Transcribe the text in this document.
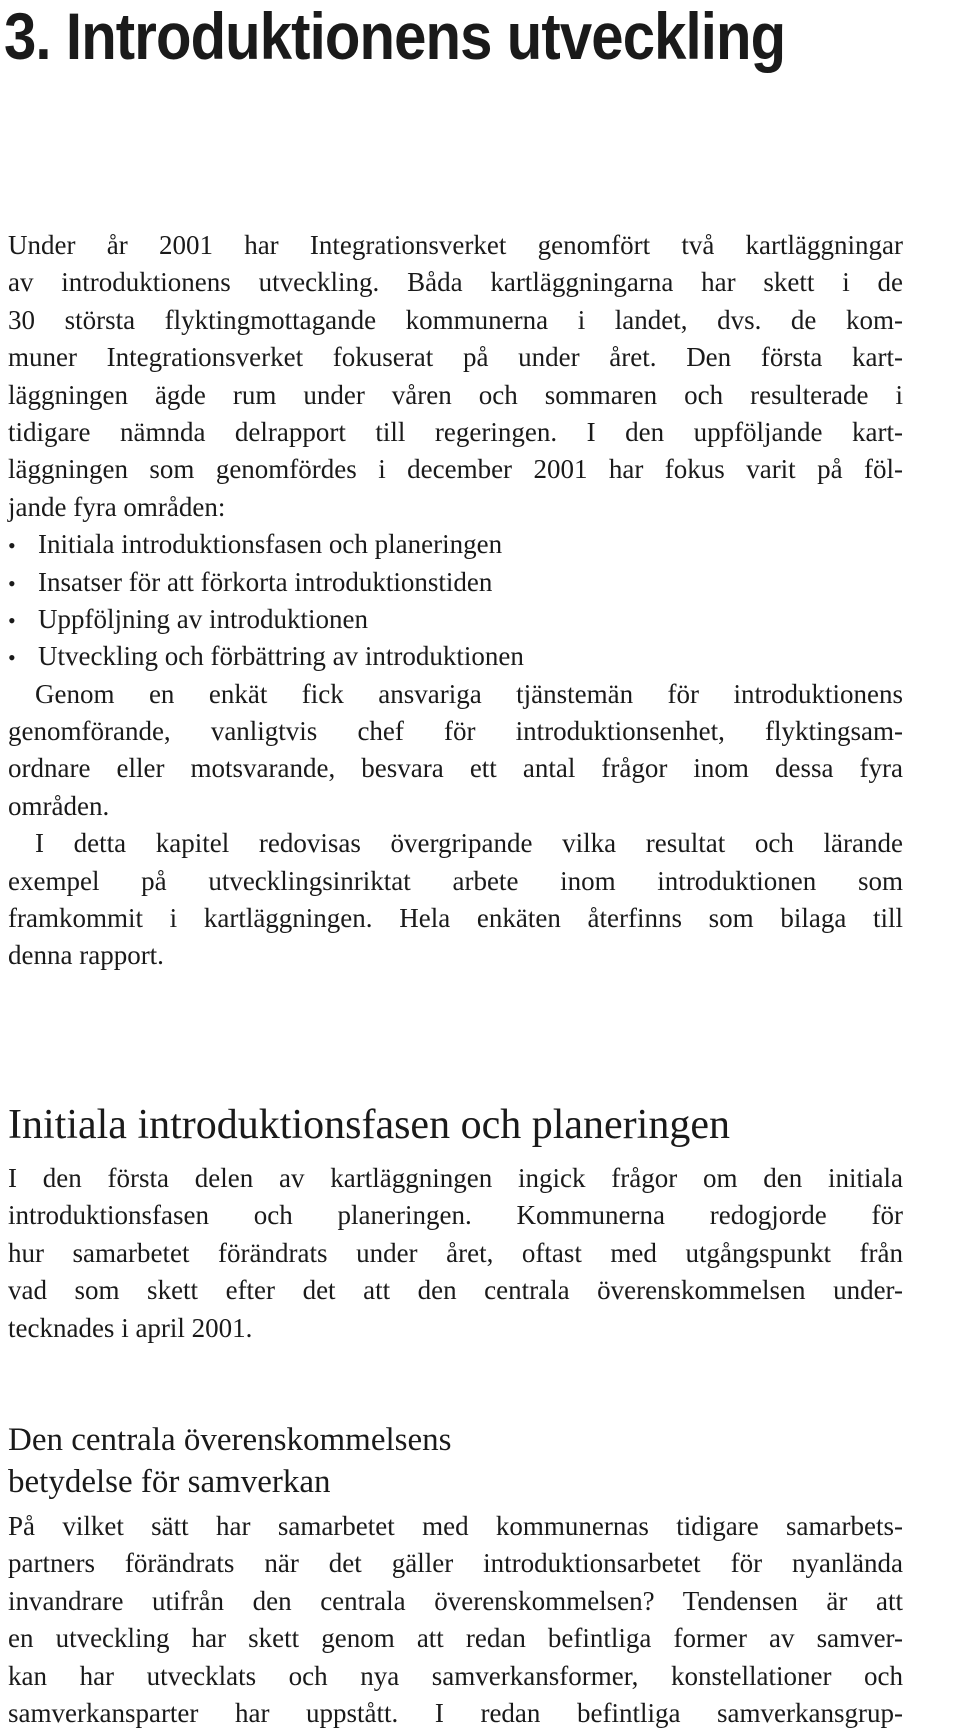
3. Introduktionens utveckling
Under år 2001 har Integrationsverket genomfört två kartläggningar
av introduktionens utveckling. Båda kartläggningarna har skett i de
30 största flyktingmottagande kommunerna i landet, dvs. de kom-
muner Integrationsverket fokuserat på under året. Den första kart-
läggningen ägde rum under våren och sommaren och resulterade i
tidigare nämnda delrapport till regeringen. I den uppföljande kart-
läggningen som genomfördes i december 2001 har fokus varit på föl-
jande fyra områden:
• Initiala introduktionsfasen och planeringen
• Insatser för att förkorta introduktionstiden
• Uppföljning av introduktionen
• Utveckling och förbättring av introduktionen
Genom en enkät fick ansvariga tjänstemän för introduktionens
genomförande, vanligtvis chef för introduktionsenhet, flyktingsam-
ordnare eller motsvarande, besvara ett antal frågor inom dessa fyra
områden.
I detta kapitel redovisas övergripande vilka resultat och lärande
exempel på utvecklingsinriktat arbete inom introduktionen som
framkommit i kartläggningen. Hela enkäten återfinns som bilaga till
denna rapport.
Initiala introduktionsfasen och planeringen
I den första delen av kartläggningen ingick frågor om den initiala
introduktionsfasen och planeringen. Kommunerna redogjorde för
hur samarbetet förändrats under året, oftast med utgångspunkt från
vad som skett efter det att den centrala överenskommelsen under-
tecknades i april 2001.
Den centrala överenskommelsens
betydelse för samverkan
På vilket sätt har samarbetet med kommunernas tidigare samarbets-
partners förändrats när det gäller introduktionsarbetet för nyanlända
invandrare utifrån den centrala överenskommelsen? Tendensen är att
en utveckling har skett genom att redan befintliga former av samver-
kan har utvecklats och nya samverkansformer, konstellationer och
samverkansparter har uppstått. I redan befintliga samverkansgrup-
